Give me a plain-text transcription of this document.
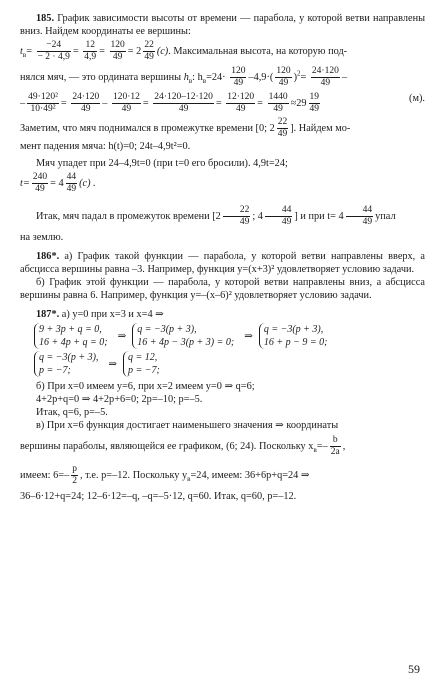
185. График зависимости высоты от времени — парабола, у которой ветви направлены вниз. Найдем координаты ее вершины:

$t_в= \frac{-24}{- 2 \cdot 4,9} = \frac{12}{4,9} = \frac{120}{49} = 2 \frac{22}{49} (с)$. Максимальная высота, на которую под-

нялся мяч, — это ордината вершины $h_в$: $h_в=24\cdot \frac{120}{49} -4,9\cdot( \frac{120}{49} )^2= \frac{24\cdot 120}{49}$ –

– $\frac{\text{49·120²}}{\text{10·49²}} = \frac{24\cdot 120}{49} - \frac{120\cdot 12}{49} = \frac{24\cdot 120-12\cdot 120}{49} = \frac{12\cdot 120}{49} = \frac{1440}{49} \approx 29 \frac{19}{49}$	(м).

Заметим, что мяч поднимался в промежутке времени [0; $2 \frac{22}{49}$ ]. Найдем мо-

мент падения мяча: h(t)=0; 24t–4,9t²=0.

Мяч упадет при 24–4,9t=0 (при t=0 его бросили). 4,9t=24;

$t= \frac{240}{49} = 4 \frac{44}{49} (с)$ .

Итак, мяч падал в промежуток времени [$2 \frac{22}{49}$ ; $4 \frac{44}{49}$ ] и при $t= 4 \frac{44}{49}$ упал

на землю.

186*. а) График такой функции — парабола, у которой ветви направлены вверх, а абсцисса вершины равна –3. Например, функция y=(x+3)² удовлетворяет условию задачи.

б) График этой функции — парабола, у которой ветви направлены вниз, а абсцисса вершины равна 6. Например, функция y=–(x–6)² удовлетворяет условию задачи.

187*. а) y=0 при x=3 и x=4 ⇒

9 + 3p + q = 0,
16 + 4p + q = 0;
⇒
q = −3(p + 3),
16 + 4p − 3(p + 3) = 0;
⇒
q = −3(p + 3),
16 + p − 9 = 0;
q = −3(p + 3),
p = −7;
⇒
q = 12,
p = −7;

б) При x=0 имеем y=6, при x=2 имеем y=0 ⇒ q=6;

4+2p+q=0 ⇒ 4+2p+6=0; 2p=–10; p=–5.

Итак, q=6, p=–5.

в) При x=6 функция достигает наименьшего значения ⇒ координаты

вершины параболы, являющейся ее графиком, (6; 24). Поскольку $x_в=- \frac{b}{2a}$ ,

имеем: $6=- \frac{p}{2}$ , т.е. p=–12. Поскольку $y_в=24$, имеем: 36+6p+q=24 ⇒

36–6·12+q=24; 12–6·12=–q, –q=–5·12, q=60. Итак, q=60, p=–12.

59
